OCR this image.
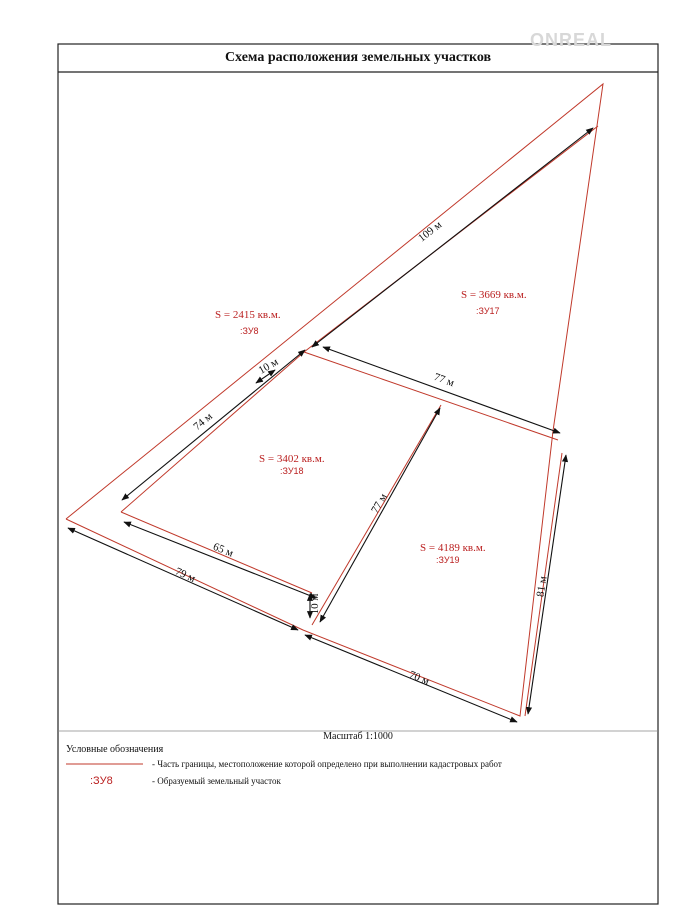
109 м
74 м
10 м
77 м
77 м
65 м
79 м
10 м
81 м
70 м
S = 2415 кв.м.
S = 3669 кв.м.
S = 3402 кв.м.
S = 4189 кв.м.
:ЗУ8
:ЗУ17
:ЗУ18
:ЗУ19
ONREAL
Схема расположения земельных участков
Масштаб 1:1000
Условные обозначения
- Часть границы, местоположение которой определено при выполнении кадастровых работ
:ЗУ8	- Образуемый земельный участок
